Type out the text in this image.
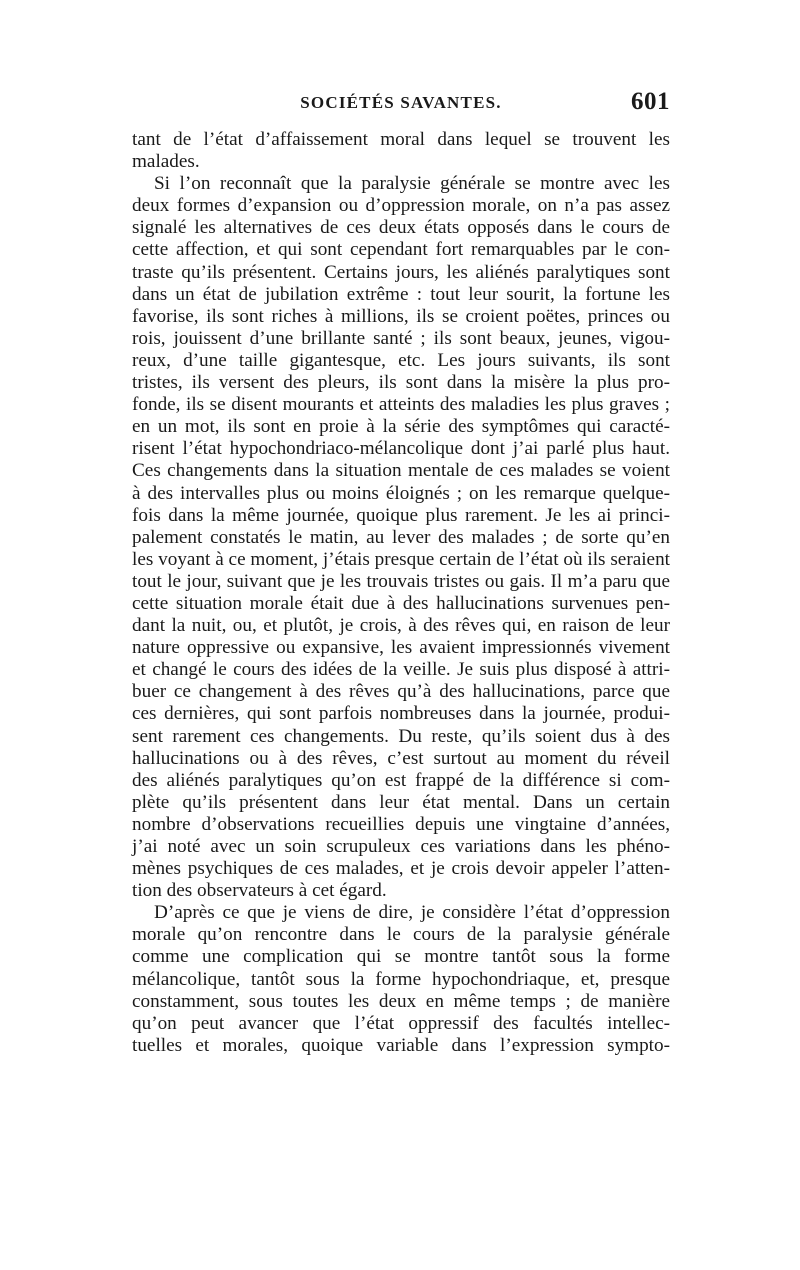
SOCIÉTÉS SAVANTES.	601
tant de l’état d’affaissement moral dans lequel se trouvent les
malades.
Si l’on reconnaît que la paralysie générale se montre avec les
deux formes d’expansion ou d’oppression morale, on n’a pas assez
signalé les alternatives de ces deux états opposés dans le cours de
cette affection, et qui sont cependant fort remarquables par le con-
traste qu’ils présentent. Certains jours, les aliénés paralytiques sont
dans un état de jubilation extrême : tout leur sourit, la fortune les
favorise, ils sont riches à millions, ils se croient poëtes, princes ou
rois, jouissent d’une brillante santé ; ils sont beaux, jeunes, vigou-
reux, d’une taille gigantesque, etc. Les jours suivants, ils sont
tristes, ils versent des pleurs, ils sont dans la misère la plus pro-
fonde, ils se disent mourants et atteints des maladies les plus graves ;
en un mot, ils sont en proie à la série des symptômes qui caracté-
risent l’état hypochondriaco-mélancolique dont j’ai parlé plus haut.
Ces changements dans la situation mentale de ces malades se voient
à des intervalles plus ou moins éloignés ; on les remarque quelque-
fois dans la même journée, quoique plus rarement. Je les ai princi-
palement constatés le matin, au lever des malades ; de sorte qu’en
les voyant à ce moment, j’étais presque certain de l’état où ils seraient
tout le jour, suivant que je les trouvais tristes ou gais. Il m’a paru que
cette situation morale était due à des hallucinations survenues pen-
dant la nuit, ou, et plutôt, je crois, à des rêves qui, en raison de leur
nature oppressive ou expansive, les avaient impressionnés vivement
et changé le cours des idées de la veille. Je suis plus disposé à attri-
buer ce changement à des rêves qu’à des hallucinations, parce que
ces dernières, qui sont parfois nombreuses dans la journée, produi-
sent rarement ces changements. Du reste, qu’ils soient dus à des
hallucinations ou à des rêves, c’est surtout au moment du réveil
des aliénés paralytiques qu’on est frappé de la différence si com-
plète qu’ils présentent dans leur état mental. Dans un certain
nombre d’observations recueillies depuis une vingtaine d’années,
j’ai noté avec un soin scrupuleux ces variations dans les phéno-
mènes psychiques de ces malades, et je crois devoir appeler l’atten-
tion des observateurs à cet égard.
D’après ce que je viens de dire, je considère l’état d’oppression
morale qu’on rencontre dans le cours de la paralysie générale
comme une complication qui se montre tantôt sous la forme
mélancolique, tantôt sous la forme hypochondriaque, et, presque
constamment, sous toutes les deux en même temps ; de manière
qu’on peut avancer que l’état oppressif des facultés intellec-
tuelles et morales, quoique variable dans l’expression sympto-
